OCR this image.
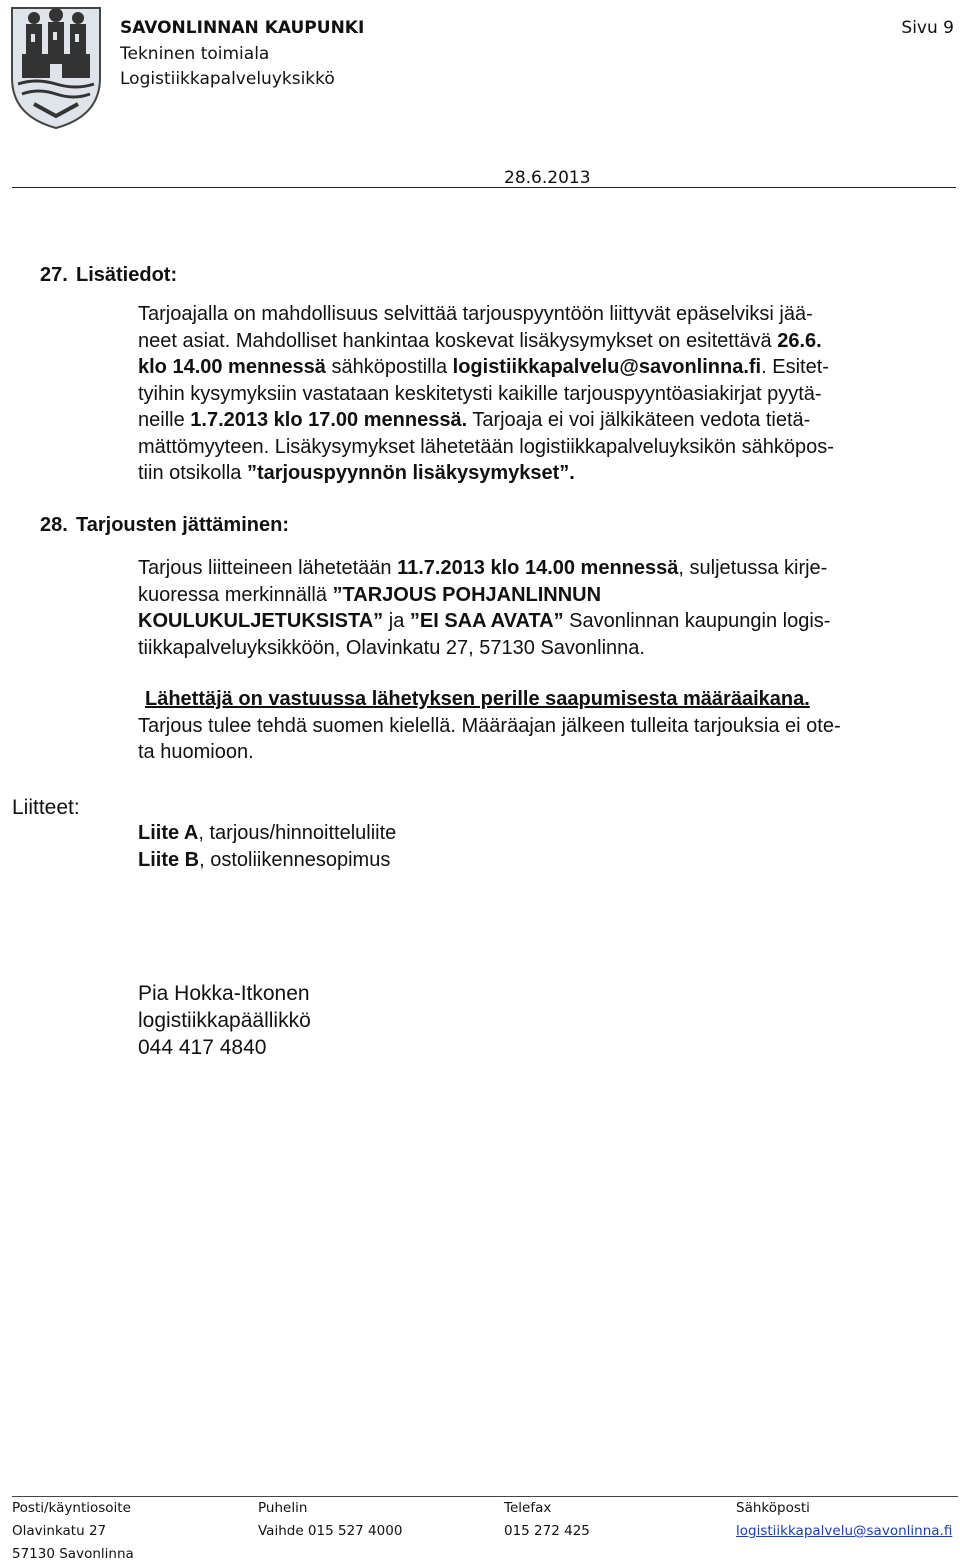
SAVONLINNAN KAUPUNKI
Tekninen toimiala
Logistiikkapalveluyksikkö
Sivu 9
28.6.2013
27. Lisätiedot:
Tarjoajalla on mahdollisuus selvittää tarjouspyyntöön liittyvät epäselviksi jää-
neet asiat. Mahdolliset hankintaa koskevat lisäkysymykset on esitettävä 26.6.
klo 14.00 mennessä sähköpostilla logistiikkapalvelu@savonlinna.fi. Esitet-
tyihin kysymyksiin vastataan keskitetysti kaikille tarjouspyyntöasiakirjat pyytä-
neille 1.7.2013 klo 17.00 mennessä. Tarjoaja ei voi jälkikäteen vedota tietä-
mättömyyteen. Lisäkysymykset lähetetään logistiikkapalveluyksikön sähköpos-
tiin otsikolla ”tarjouspyynnön lisäkysymykset”.
28. Tarjousten jättäminen:
Tarjous liitteineen lähetetään 11.7.2013 klo 14.00 mennessä, suljetussa kirje-
kuoressa merkinnällä ”TARJOUS POHJANLINNUN
KOULUKULJETUKSISTA” ja ”EI SAA AVATA” Savonlinnan kaupungin logis-
tiikkapalveluyksikköön, Olavinkatu 27, 57130 Savonlinna.
Lähettäjä on vastuussa lähetyksen perille saapumisesta määräaikana.
Tarjous tulee tehdä suomen kielellä. Määräajan jälkeen tulleita tarjouksia ei ote-
ta huomioon.
Liitteet:
Liite A, tarjous/hinnoitteluliite
Liite B, ostoliikennesopimus
Pia Hokka-Itkonen
logistiikkapäällikkö
044 417 4840
Posti/käyntiosoite
Olavinkatu 27
57130 Savonlinna
Puhelin
Vaihde 015 527 4000
Telefax
015 272 425
Sähköposti
logistiikkapalvelu@savonlinna.fi
